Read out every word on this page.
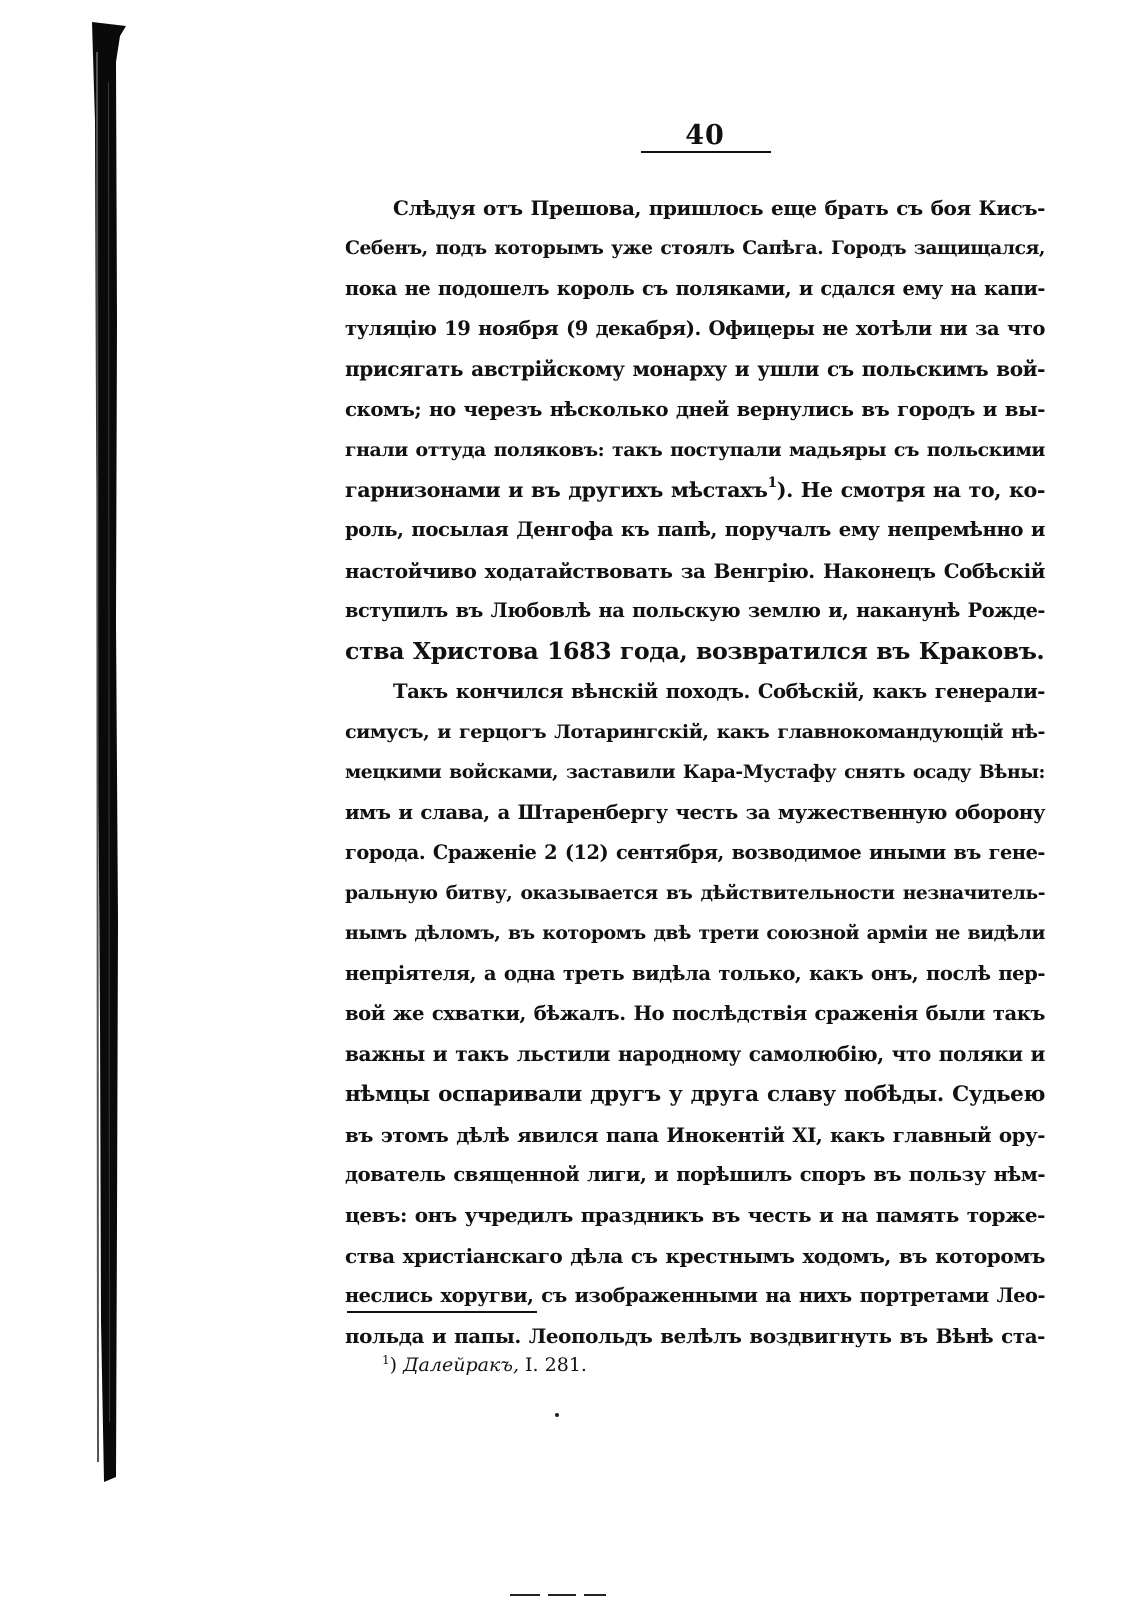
40
Слѣдуя отъ Прешова, пришлось еще брать съ боя Кисъ-
Себенъ, подъ которымъ уже стоялъ Сапѣга. Городъ защищался,
пока не подошелъ король съ поляками, и сдался ему на капи-
туляцію 19 ноября (9 декабря). Офицеры не хотѣли ни за что
присягать австрійскому монарху и ушли съ польскимъ вой-
скомъ; но черезъ нѣсколько дней вернулись въ городъ и вы-
гнали оттуда поляковъ: такъ поступали мадьяры съ польскими
гарнизонами и въ другихъ мѣстахъ$^1$). Не смотря на то, ко-
роль, посылая Денгофа къ папѣ, поручалъ ему непремѣнно и
настойчиво ходатайствовать за Венгрію. Наконецъ Собѣскій
вступилъ въ Любовлѣ на польскую землю и, наканунѣ Рожде-
ства Христова 1683 года, возвратился въ Краковъ.
Такъ кончился вѣнскій походъ. Собѣскій, какъ генерали-
симусъ, и герцогъ Лотарингскій, какъ главнокомандующій нѣ-
мецкими войсками, заставили Кара-Мустафу снять осаду Вѣны:
имъ и слава, а Штаренбергу честь за мужественную оборону
города. Сраженіе 2 (12) сентября, возводимое иными въ гене-
ральную битву, оказывается въ дѣйствительности незначитель-
нымъ дѣломъ, въ которомъ двѣ трети союзной арміи не видѣли
непріятеля, а одна треть видѣла только, какъ онъ, послѣ пер-
вой же схватки, бѣжалъ. Но послѣдствія сраженія были такъ
важны и такъ льстили народному самолюбію, что поляки и
нѣмцы оспаривали другъ у друга славу побѣды. Судьею
въ этомъ дѣлѣ явился папа Инокентій XI, какъ главный ору-
дователь священной лиги, и порѣшилъ споръ въ пользу нѣм-
цевъ: онъ учредилъ праздникъ въ честь и на память торже-
ства христіанскаго дѣла съ крестнымъ ходомъ, въ которомъ
неслись хоругви, съ изображенными на нихъ портретами Лео-
польда и папы. Леопольдъ велѣлъ воздвигнуть въ Вѣнѣ ста-
$^1$) Далейракъ, I. 281.
